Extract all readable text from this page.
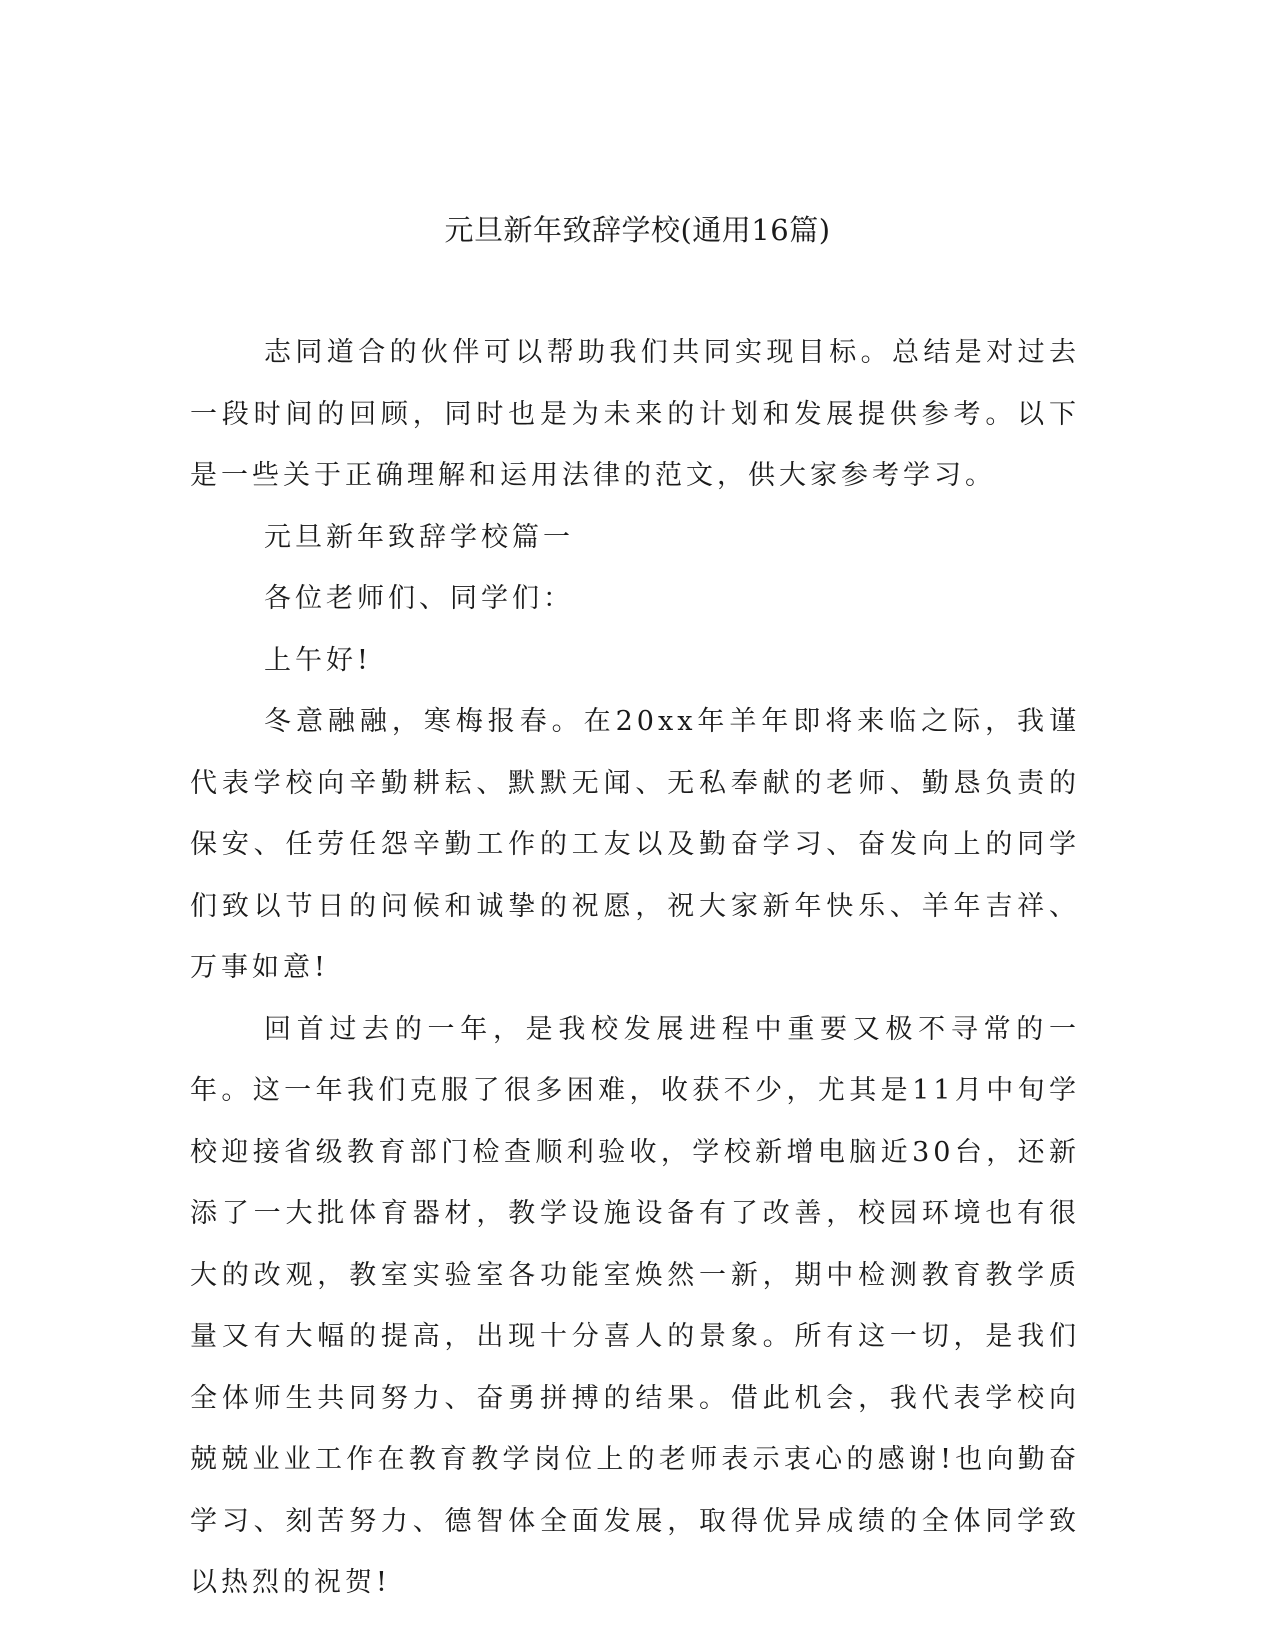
元旦新年致辞学校(通用16篇)

志同道合的伙伴可以帮助我们共同实现目标。总结是对过去一段时间的回顾，同时也是为未来的计划和发展提供参考。以下是一些关于正确理解和运用法律的范文，供大家参考学习。

元旦新年致辞学校篇一

各位老师们、同学们：

上午好!

冬意融融，寒梅报春。在20xx年羊年即将来临之际，我谨代表学校向辛勤耕耘、默默无闻、无私奉献的老师、勤恳负责的保安、任劳任怨辛勤工作的工友以及勤奋学习、奋发向上的同学们致以节日的问候和诚挚的祝愿，祝大家新年快乐、羊年吉祥、万事如意!

回首过去的一年，是我校发展进程中重要又极不寻常的一年。这一年我们克服了很多困难，收获不少，尤其是11月中旬学校迎接省级教育部门检查顺利验收，学校新增电脑近30台，还新添了一大批体育器材，教学设施设备有了改善，校园环境也有很大的改观，教室实验室各功能室焕然一新，期中检测教育教学质量又有大幅的提高，出现十分喜人的景象。所有这一切，是我们全体师生共同努力、奋勇拼搏的结果。借此机会，我代表学校向兢兢业业工作在教育教学岗位上的老师表示衷心的感谢!也向勤奋学习、刻苦努力、德智体全面发展，取得优异成绩的全体同学致以热烈的祝贺!
